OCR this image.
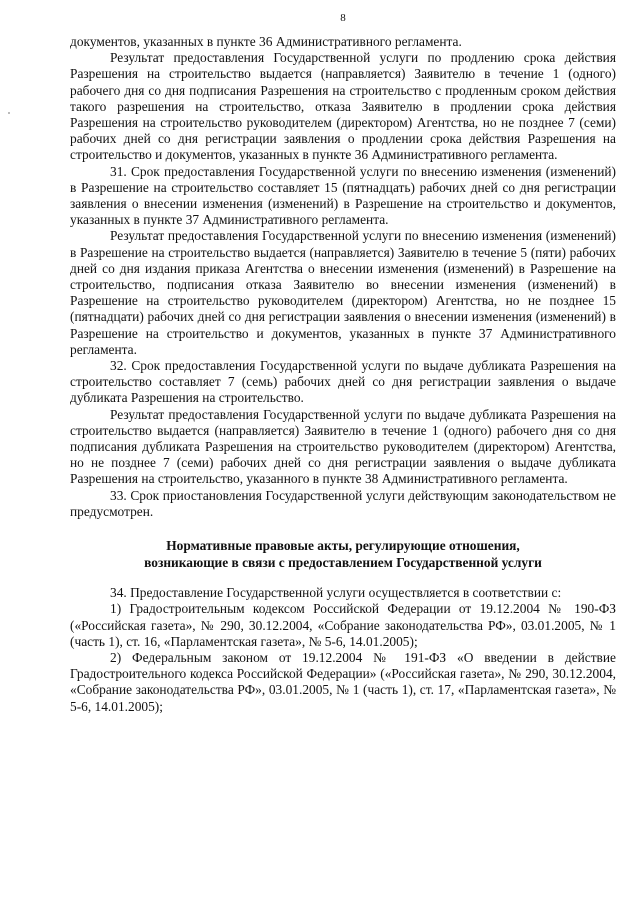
8

документов, указанных в пункте 36 Административного регламента.

Результат предоставления Государственной услуги по продлению срока действия Разрешения на строительство выдается (направляется) Заявителю в течение 1 (одного) рабочего дня со дня подписания Разрешения на строительство с продленным сроком действия такого разрешения на строительство, отказа Заявителю в продлении срока действия Разрешения на строительство руководителем (директором) Агентства, но не позднее 7 (семи) рабочих дней со дня регистрации заявления о продлении срока действия Разрешения на строительство и документов, указанных в пункте 36 Административного регламента.

31. Срок предоставления Государственной услуги по внесению изменения (изменений) в Разрешение на строительство составляет 15 (пятнадцать) рабочих дней со дня регистрации заявления о внесении изменения (изменений) в Разрешение на строительство и документов, указанных в пункте 37 Административного регламента.

Результат предоставления Государственной услуги по внесению изменения (изменений) в Разрешение на строительство выдается (направляется) Заявителю в течение 5 (пяти) рабочих дней со дня издания приказа Агентства о внесении изменения (изменений) в Разрешение на строительство, подписания отказа Заявителю во внесении изменения (изменений) в Разрешение на строительство руководителем (директором) Агентства, но не позднее 15 (пятнадцати) рабочих дней со дня регистрации заявления о внесении изменения (изменений) в Разрешение на строительство и документов, указанных в пункте 37 Административного регламента.

32. Срок предоставления Государственной услуги по выдаче дубликата Разрешения на строительство составляет 7 (семь) рабочих дней со дня регистрации заявления о выдаче дубликата Разрешения на строительство.

Результат предоставления Государственной услуги по выдаче дубликата Разрешения на строительство выдается (направляется) Заявителю в течение 1 (одного) рабочего дня со дня подписания дубликата Разрешения на строительство руководителем (директором) Агентства, но не позднее 7 (семи) рабочих дней со дня регистрации заявления о выдаче дубликата Разрешения на строительство, указанного в пункте 38 Административного регламента.

33. Срок приостановления Государственной услуги действующим законодательством не предусмотрен.

Нормативные правовые акты, регулирующие отношения,
возникающие в связи с предоставлением Государственной услуги

34. Предоставление Государственной услуги осуществляется в соответствии с:

1) Градостроительным кодексом Российской Федерации от 19.12.2004 № 190-ФЗ («Российская газета», № 290, 30.12.2004, «Собрание законодательства РФ», 03.01.2005, № 1 (часть 1), ст. 16, «Парламентская газета», № 5-6, 14.01.2005);

2) Федеральным законом от 19.12.2004 № 191-ФЗ «О введении в действие Градостроительного кодекса Российской Федерации» («Российская газета», № 290, 30.12.2004, «Собрание законодательства РФ», 03.01.2005, № 1 (часть 1), ст. 17, «Парламентская газета», № 5-6, 14.01.2005);
